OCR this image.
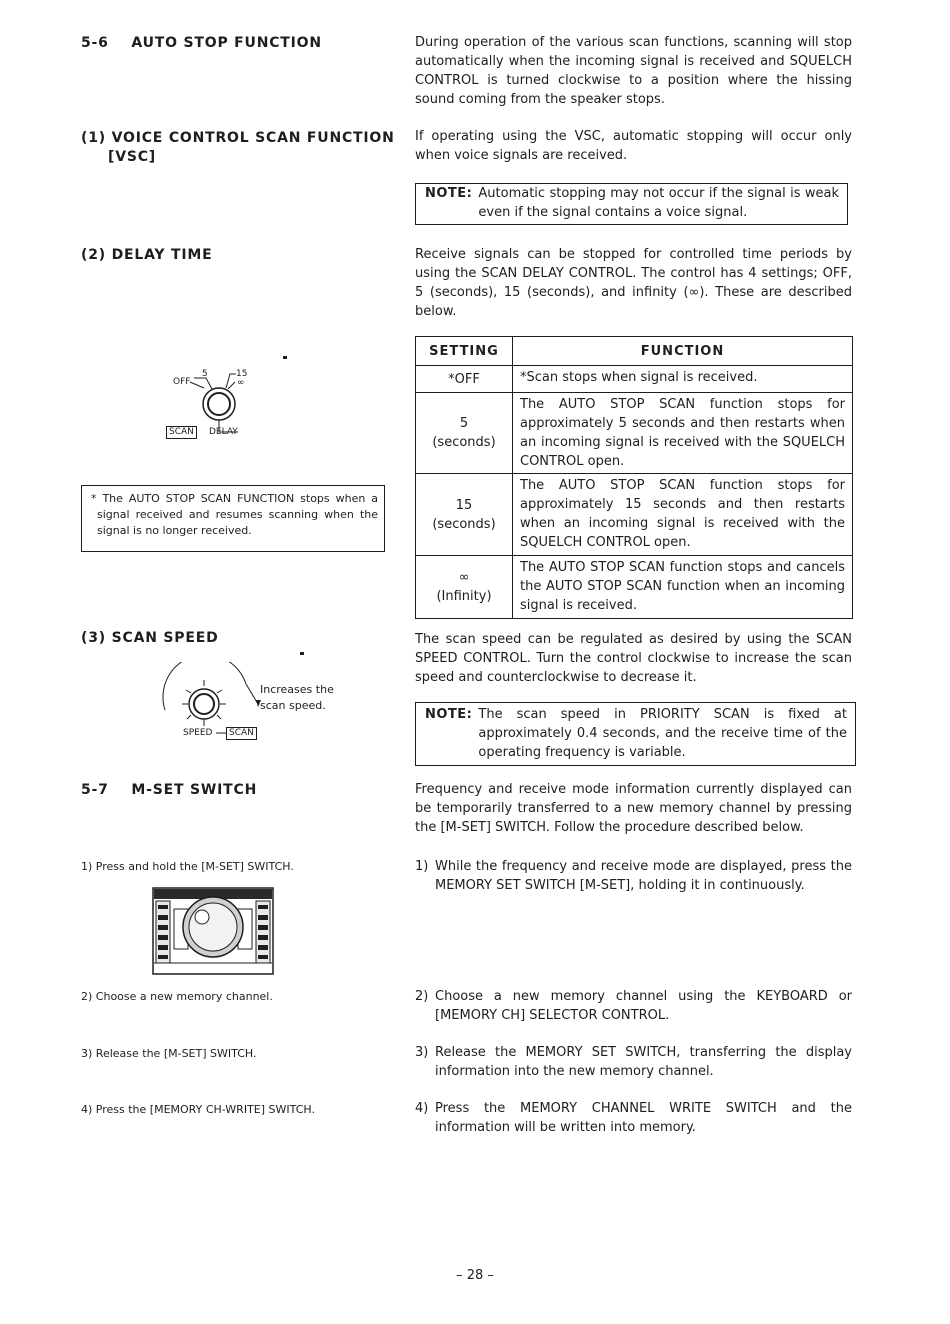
5-6 AUTO STOP FUNCTION	During operation of the various scan functions, scanning will stop automatically when the incoming signal is received and SQUELCH CONTROL is turned clockwise to a position where the hissing sound coming from the speaker stops.
(1) VOICE CONTROL SCAN FUNCTION
[VSC]
If operating using the VSC, automatic stopping will occur only when voice signals are received.
NOTE: Automatic stopping may not occur if the signal is weak even if the signal contains a voice signal.
(2) DELAY TIME	Receive signals can be stopped for controlled time periods by using the SCAN DELAY CONTROL. The control has 4 settings; OFF, 5 (seconds), 15 (seconds), and infinity (∞). These are described below.
5	15
OFF	∞
SCAN	DELAY
* The AUTO STOP SCAN FUNCTION stops when a signal received and resumes scanning when the signal is no longer received.
SETTING	FUNCTION

*OFF	*Scan stops when signal is received.

5
(seconds)	The AUTO STOP SCAN function stops for approximately 5 seconds and then restarts when an incoming signal is received with the SQUELCH CONTROL open.

15
(seconds)	The AUTO STOP SCAN function stops for approximately 15 seconds and then restarts when an incoming signal is received with the SQUELCH CONTROL open.

∞
(Infinity)	The AUTO STOP SCAN function stops and cancels the AUTO STOP SCAN function when an incoming signal is received.
(3) SCAN SPEED
SPEED	SCAN
Increases the scan speed.
The scan speed can be regulated as desired by using the SCAN SPEED CONTROL. Turn the control clockwise to increase the scan speed and counterclockwise to decrease it.
NOTE: The scan speed in PRIORITY SCAN is fixed at approximately 0.4 seconds, and the receive time of the operating frequency is variable.
5-7 M-SET SWITCH	Frequency and receive mode information currently displayed can be temporarily transferred to a new memory channel by pressing the [M-SET] SWITCH. Follow the procedure described below.
1) Press and hold the [M-SET] SWITCH.
2) Choose a new memory channel.
3) Release the [M-SET] SWITCH.
4) Press the [MEMORY CH-WRITE] SWITCH.
1) While the frequency and receive mode are displayed, press the MEMORY SET SWITCH [M-SET], holding it in continuously.
2) Choose a new memory channel using the KEYBOARD or [MEMORY CH] SELECTOR CONTROL.
3) Release the MEMORY SET SWITCH, transferring the display information into the new memory channel.
4) Press the MEMORY CHANNEL WRITE SWITCH and the information will be written into memory.
– 28 –
